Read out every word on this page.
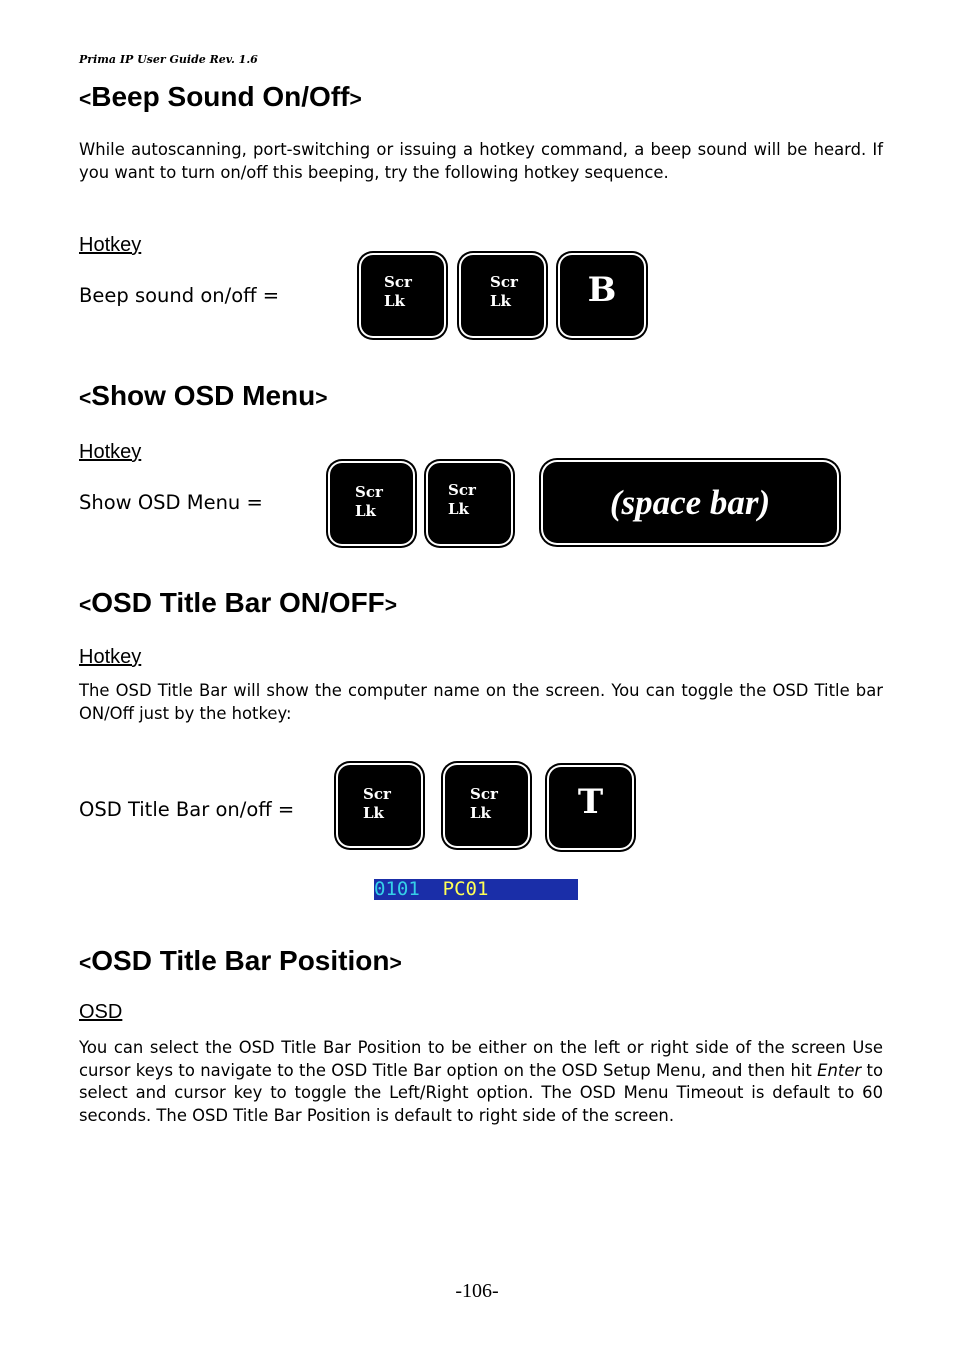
Prima IP User Guide Rev. 1.6
<Beep Sound On/Off>
While autoscanning, port-switching or issuing a hotkey command, a beep sound will be heard. If you want to turn on/off this beeping, try the following hotkey sequence.
Hotkey
Beep sound on/off =
Scr Lk
Scr Lk B
<Show OSD Menu>
Hotkey
Show OSD Menu =	Scr Lk
Scr Lk	(space bar)
<OSD Title Bar ON/OFF>
Hotkey
The OSD Title Bar will show the computer name on the screen. You can toggle the OSD Title bar ON/Off just by the hotkey:
OSD Title Bar on/off =
Scr Lk
Scr Lk	T
0101 PC01
<OSD Title Bar Position>
OSD
You can select the OSD Title Bar Position to be either on the left or right side of the screen Use cursor keys to navigate to the OSD Title Bar option on the OSD Setup Menu, and then hit Enter to select and cursor key to toggle the Left/Right option. The OSD Menu Timeout is default to 60 seconds. The OSD Title Bar Position is default to right side of the screen.
-106-
